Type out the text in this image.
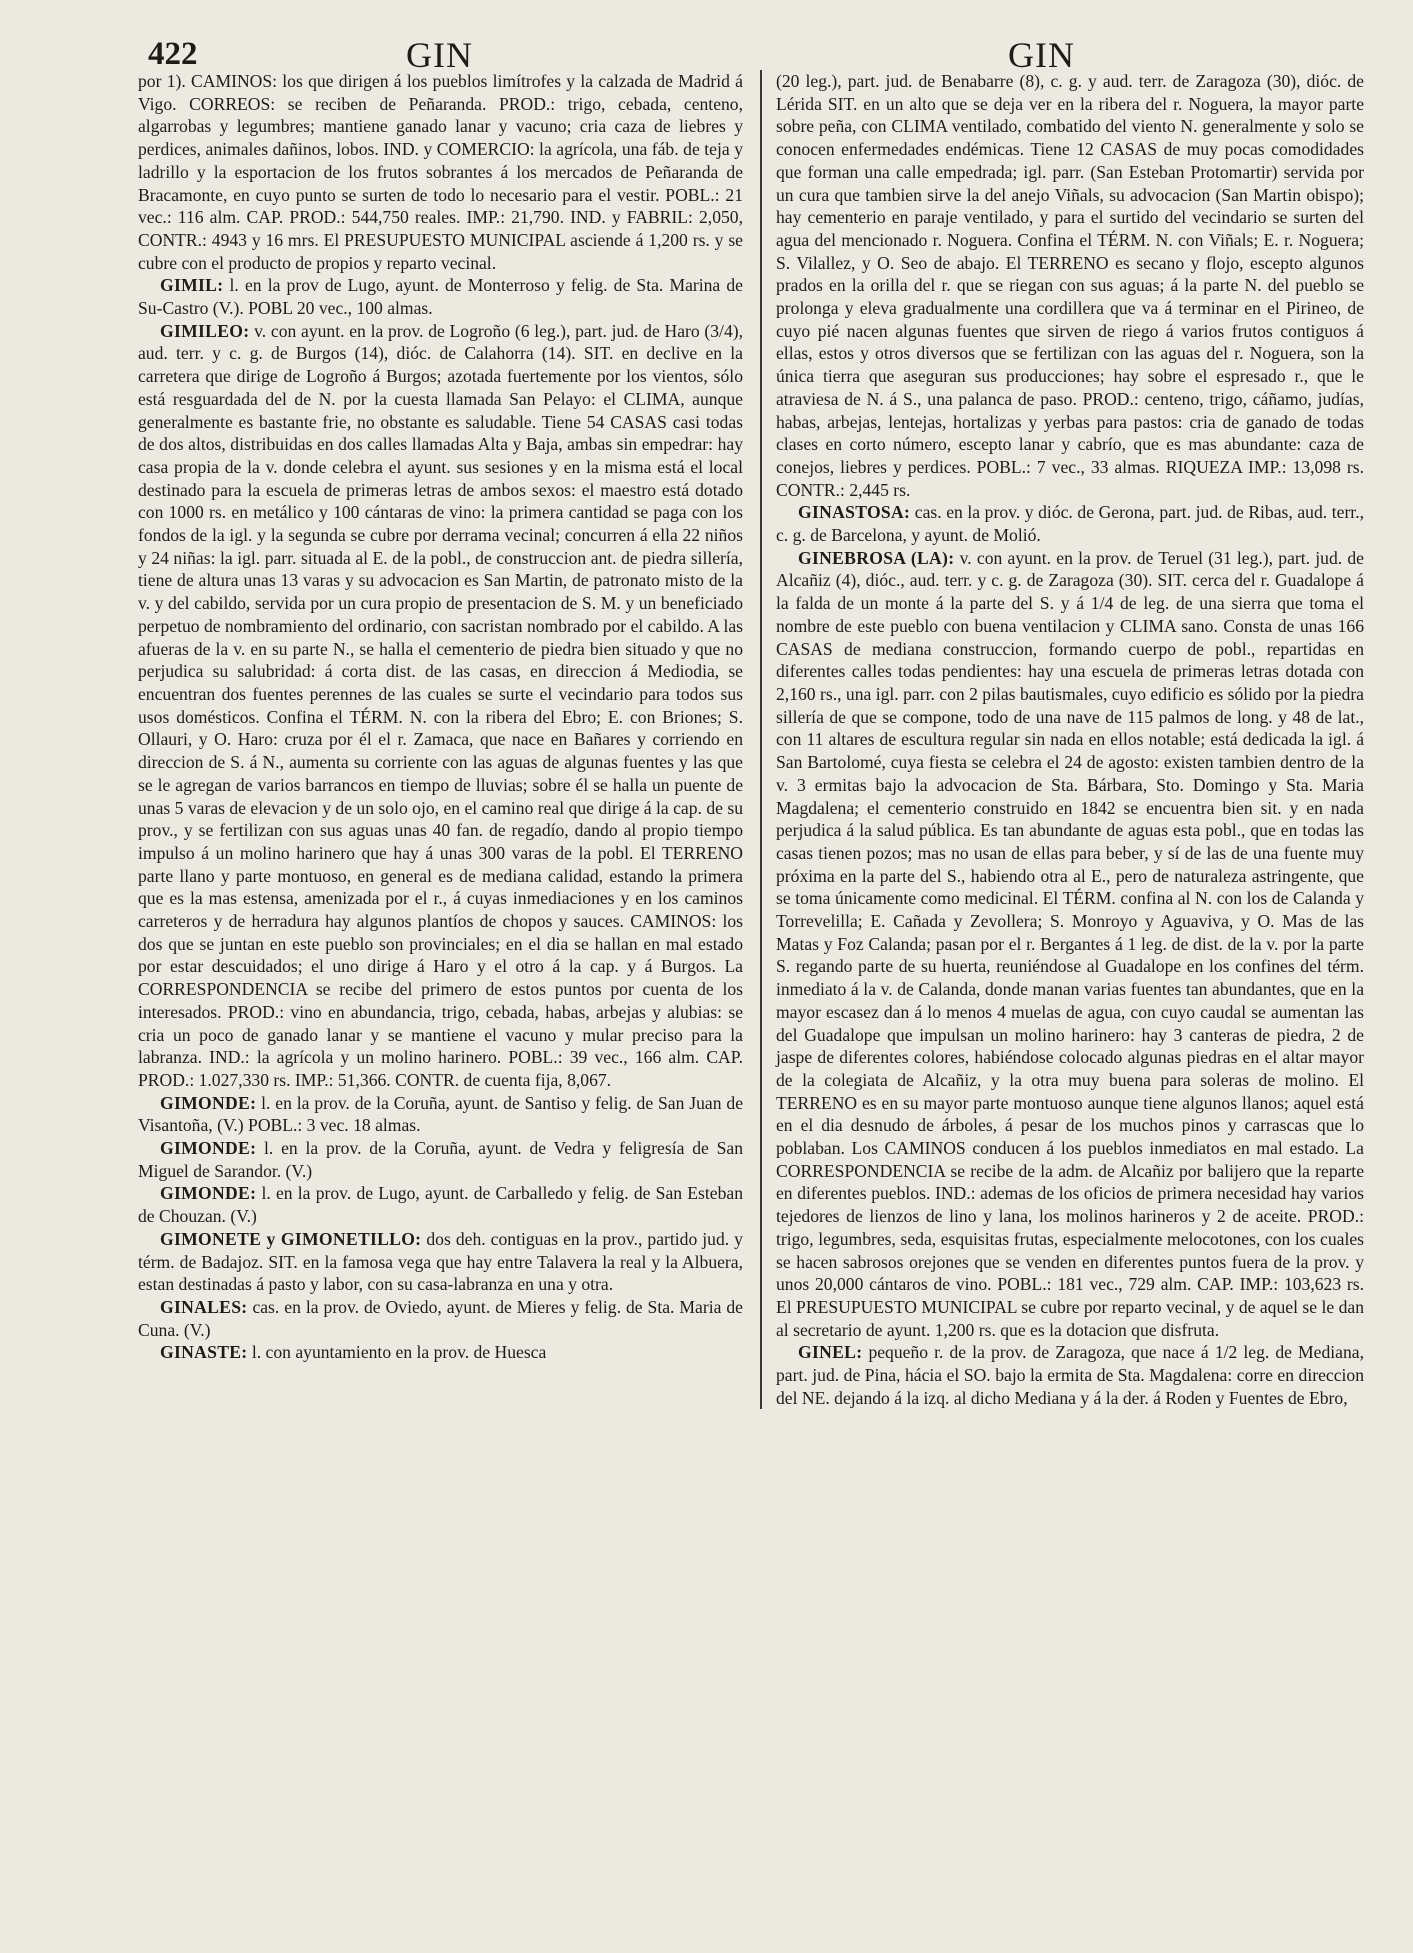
422	GIN	GIN

por 1). CAMINOS: los que dirigen á los pueblos limítrofes y la calzada de Madrid á Vigo. CORREOS: se reciben de Peñaranda. PROD.: trigo, cebada, centeno, algarrobas y legumbres; mantiene ganado lanar y vacuno; cria caza de liebres y perdices, animales dañinos, lobos. IND. y COMERCIO: la agrícola, una fáb. de teja y ladrillo y la esportacion de los frutos sobrantes á los mercados de Peñaranda de Bracamonte, en cuyo punto se surten de todo lo necesario para el vestir. POBL.: 21 vec.: 116 alm. CAP. PROD.: 544,750 reales. IMP.: 21,790. IND. y FABRIL: 2,050, CONTR.: 4943 y 16 mrs. El PRESUPUESTO MUNICIPAL asciende á 1,200 rs. y se cubre con el producto de propios y reparto vecinal.

GIMIL: l. en la prov de Lugo, ayunt. de Monterroso y felig. de Sta. Marina de Su-Castro (V.). POBL 20 vec., 100 almas.

GIMILEO: v. con ayunt. en la prov. de Logroño (6 leg.), part. jud. de Haro (3/4), aud. terr. y c. g. de Burgos (14), dióc. de Calahorra (14). SIT. en declive en la carretera que dirige de Logroño á Burgos; azotada fuertemente por los vientos, sólo está resguardada del de N. por la cuesta llamada San Pelayo: el CLIMA, aunque generalmente es bastante frie, no obstante es saludable. Tiene 54 CASAS casi todas de dos altos, distribuidas en dos calles llamadas Alta y Baja, ambas sin empedrar: hay casa propia de la v. donde celebra el ayunt. sus sesiones y en la misma está el local destinado para la escuela de primeras letras de ambos sexos: el maestro está dotado con 1000 rs. en metálico y 100 cántaras de vino: la primera cantidad se paga con los fondos de la igl. y la segunda se cubre por derrama vecinal; concurren á ella 22 niños y 24 niñas: la igl. parr. situada al E. de la pobl., de construccion ant. de piedra sillería, tiene de altura unas 13 varas y su advocacion es San Martin, de patronato misto de la v. y del cabildo, servida por un cura propio de presentacion de S. M. y un beneficiado perpetuo de nombramiento del ordinario, con sacristan nombrado por el cabildo. A las afueras de la v. en su parte N., se halla el cementerio de piedra bien situado y que no perjudica su salubridad: á corta dist. de las casas, en direccion á Mediodia, se encuentran dos fuentes perennes de las cuales se surte el vecindario para todos sus usos domésticos. Confina el TÉRM. N. con la ribera del Ebro; E. con Briones; S. Ollauri, y O. Haro: cruza por él el r. Zamaca, que nace en Bañares y corriendo en direccion de S. á N., aumenta su corriente con las aguas de algunas fuentes y las que se le agregan de varios barrancos en tiempo de lluvias; sobre él se halla un puente de unas 5 varas de elevacion y de un solo ojo, en el camino real que dirige á la cap. de su prov., y se fertilizan con sus aguas unas 40 fan. de regadío, dando al propio tiempo impulso á un molino harinero que hay á unas 300 varas de la pobl. El TERRENO parte llano y parte montuoso, en general es de mediana calidad, estando la primera que es la mas estensa, amenizada por el r., á cuyas inmediaciones y en los caminos carreteros y de herradura hay algunos plantíos de chopos y sauces. CAMINOS: los dos que se juntan en este pueblo son provinciales; en el dia se hallan en mal estado por estar descuidados; el uno dirige á Haro y el otro á la cap. y á Burgos. La CORRESPONDENCIA se recibe del primero de estos puntos por cuenta de los interesados. PROD.: vino en abundancia, trigo, cebada, habas, arbejas y alubias: se cria un poco de ganado lanar y se mantiene el vacuno y mular preciso para la labranza. IND.: la agrícola y un molino harinero. POBL.: 39 vec., 166 alm. CAP. PROD.: 1.027,330 rs. IMP.: 51,366. CONTR. de cuenta fija, 8,067.

GIMONDE: l. en la prov. de la Coruña, ayunt. de Santiso y felig. de San Juan de Visantoña, (V.) POBL.: 3 vec. 18 almas.

GIMONDE: l. en la prov. de la Coruña, ayunt. de Vedra y feligresía de San Miguel de Sarandor. (V.)

GIMONDE: l. en la prov. de Lugo, ayunt. de Carballedo y felig. de San Esteban de Chouzan. (V.)

GIMONETE y GIMONETILLO: dos deh. contiguas en la prov., partido jud. y térm. de Badajoz. SIT. en la famosa vega que hay entre Talavera la real y la Albuera, estan destinadas á pasto y labor, con su casa-labranza en una y otra.

GINALES: cas. en la prov. de Oviedo, ayunt. de Mieres y felig. de Sta. Maria de Cuna. (V.)

GINASTE: l. con ayuntamiento en la prov. de Huesca

(20 leg.), part. jud. de Benabarre (8), c. g. y aud. terr. de Zaragoza (30), dióc. de Lérida SIT. en un alto que se deja ver en la ribera del r. Noguera, la mayor parte sobre peña, con CLIMA ventilado, combatido del viento N. generalmente y solo se conocen enfermedades endémicas. Tiene 12 CASAS de muy pocas comodidades que forman una calle empedrada; igl. parr. (San Esteban Protomartir) servida por un cura que tambien sirve la del anejo Viñals, su advocacion (San Martin obispo); hay cementerio en paraje ventilado, y para el surtido del vecindario se surten del agua del mencionado r. Noguera. Confina el TÉRM. N. con Viñals; E. r. Noguera; S. Vilallez, y O. Seo de abajo. El TERRENO es secano y flojo, escepto algunos prados en la orilla del r. que se riegan con sus aguas; á la parte N. del pueblo se prolonga y eleva gradualmente una cordillera que va á terminar en el Pirineo, de cuyo pié nacen algunas fuentes que sirven de riego á varios frutos contiguos á ellas, estos y otros diversos que se fertilizan con las aguas del r. Noguera, son la única tierra que aseguran sus producciones; hay sobre el espresado r., que le atraviesa de N. á S., una palanca de paso. PROD.: centeno, trigo, cáñamo, judías, habas, arbejas, lentejas, hortalizas y yerbas para pastos: cria de ganado de todas clases en corto número, escepto lanar y cabrío, que es mas abundante: caza de conejos, liebres y perdices. POBL.: 7 vec., 33 almas. RIQUEZA IMP.: 13,098 rs. CONTR.: 2,445 rs.

GINASTOSA: cas. en la prov. y dióc. de Gerona, part. jud. de Ribas, aud. terr., c. g. de Barcelona, y ayunt. de Molió.

GINEBROSA (LA): v. con ayunt. en la prov. de Teruel (31 leg.), part. jud. de Alcañiz (4), dióc., aud. terr. y c. g. de Zaragoza (30). SIT. cerca del r. Guadalope á la falda de un monte á la parte del S. y á 1/4 de leg. de una sierra que toma el nombre de este pueblo con buena ventilacion y CLIMA sano. Consta de unas 166 CASAS de mediana construccion, formando cuerpo de pobl., repartidas en diferentes calles todas pendientes: hay una escuela de primeras letras dotada con 2,160 rs., una igl. parr. con 2 pilas bautismales, cuyo edificio es sólido por la piedra sillería de que se compone, todo de una nave de 115 palmos de long. y 48 de lat., con 11 altares de escultura regular sin nada en ellos notable; está dedicada la igl. á San Bartolomé, cuya fiesta se celebra el 24 de agosto: existen tambien dentro de la v. 3 ermitas bajo la advocacion de Sta. Bárbara, Sto. Domingo y Sta. Maria Magdalena; el cementerio construido en 1842 se encuentra bien sit. y en nada perjudica á la salud pública. Es tan abundante de aguas esta pobl., que en todas las casas tienen pozos; mas no usan de ellas para beber, y sí de las de una fuente muy próxima en la parte del S., habiendo otra al E., pero de naturaleza astringente, que se toma únicamente como medicinal. El TÉRM. confina al N. con los de Calanda y Torrevelilla; E. Cañada y Zevollera; S. Monroyo y Aguaviva, y O. Mas de las Matas y Foz Calanda; pasan por el r. Bergantes á 1 leg. de dist. de la v. por la parte S. regando parte de su huerta, reuniéndose al Guadalope en los confines del térm. inmediato á la v. de Calanda, donde manan varias fuentes tan abundantes, que en la mayor escasez dan á lo menos 4 muelas de agua, con cuyo caudal se aumentan las del Guadalope que impulsan un molino harinero: hay 3 canteras de piedra, 2 de jaspe de diferentes colores, habiéndose colocado algunas piedras en el altar mayor de la colegiata de Alcañiz, y la otra muy buena para soleras de molino. El TERRENO es en su mayor parte montuoso aunque tiene algunos llanos; aquel está en el dia desnudo de árboles, á pesar de los muchos pinos y carrascas que lo poblaban. Los CAMINOS conducen á los pueblos inmediatos en mal estado. La CORRESPONDENCIA se recibe de la adm. de Alcañiz por balijero que la reparte en diferentes pueblos. IND.: ademas de los oficios de primera necesidad hay varios tejedores de lienzos de lino y lana, los molinos harineros y 2 de aceite. PROD.: trigo, legumbres, seda, esquisitas frutas, especialmente melocotones, con los cuales se hacen sabrosos orejones que se venden en diferentes puntos fuera de la prov. y unos 20,000 cántaros de vino. POBL.: 181 vec., 729 alm. CAP. IMP.: 103,623 rs. El PRESUPUESTO MUNICIPAL se cubre por reparto vecinal, y de aquel se le dan al secretario de ayunt. 1,200 rs. que es la dotacion que disfruta.

GINEL: pequeño r. de la prov. de Zaragoza, que nace á 1/2 leg. de Mediana, part. jud. de Pina, hácia el SO. bajo la ermita de Sta. Magdalena: corre en direccion del NE. dejando á la izq. al dicho Mediana y á la der. á Roden y Fuentes de Ebro,
